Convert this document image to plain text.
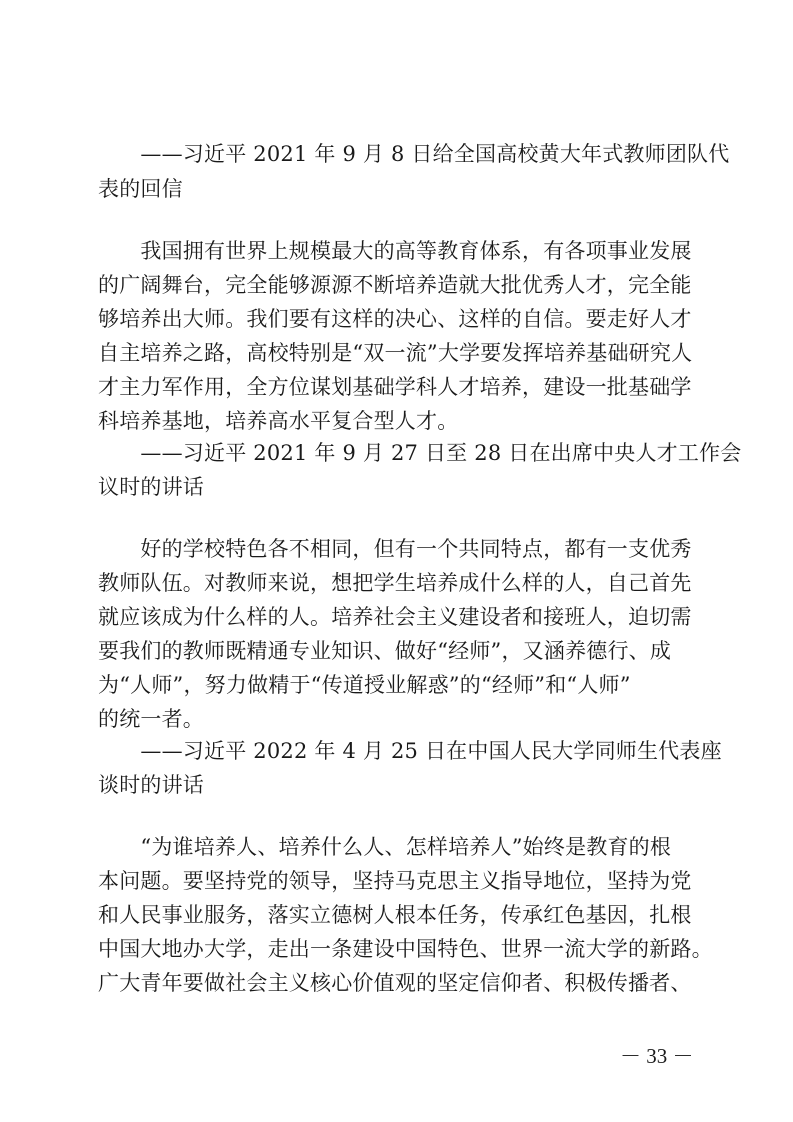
　　——习近平 2021 年 9 月 8 日给全国高校黄大年式教师团队代
表的回信
　　我国拥有世界上规模最大的高等教育体系，有各项事业发展
的广阔舞台，完全能够源源不断培养造就大批优秀人才，完全能
够培养出大师。我们要有这样的决心、这样的自信。要走好人才
自主培养之路，高校特别是“双一流”大学要发挥培养基础研究人
才主力军作用，全方位谋划基础学科人才培养，建设一批基础学
科培养基地，培养高水平复合型人才。
　　——习近平 2021 年 9 月 27 日至 28 日在出席中央人才工作会
议时的讲话
　　好的学校特色各不相同，但有一个共同特点，都有一支优秀
教师队伍。对教师来说，想把学生培养成什么样的人，自己首先
就应该成为什么样的人。培养社会主义建设者和接班人，迫切需
要我们的教师既精通专业知识、做好“经师”，又涵养德行、成
为“人师”，努力做精于“传道授业解惑”的“经师”和“人师”
的统一者。
　　——习近平 2022 年 4 月 25 日在中国人民大学同师生代表座
谈时的讲话
　　“为谁培养人、培养什么人、怎样培养人”始终是教育的根
本问题。要坚持党的领导，坚持马克思主义指导地位，坚持为党
和人民事业服务，落实立德树人根本任务，传承红色基因，扎根
中国大地办大学，走出一条建设中国特色、世界一流大学的新路。
广大青年要做社会主义核心价值观的坚定信仰者、积极传播者、
－ 33 －
